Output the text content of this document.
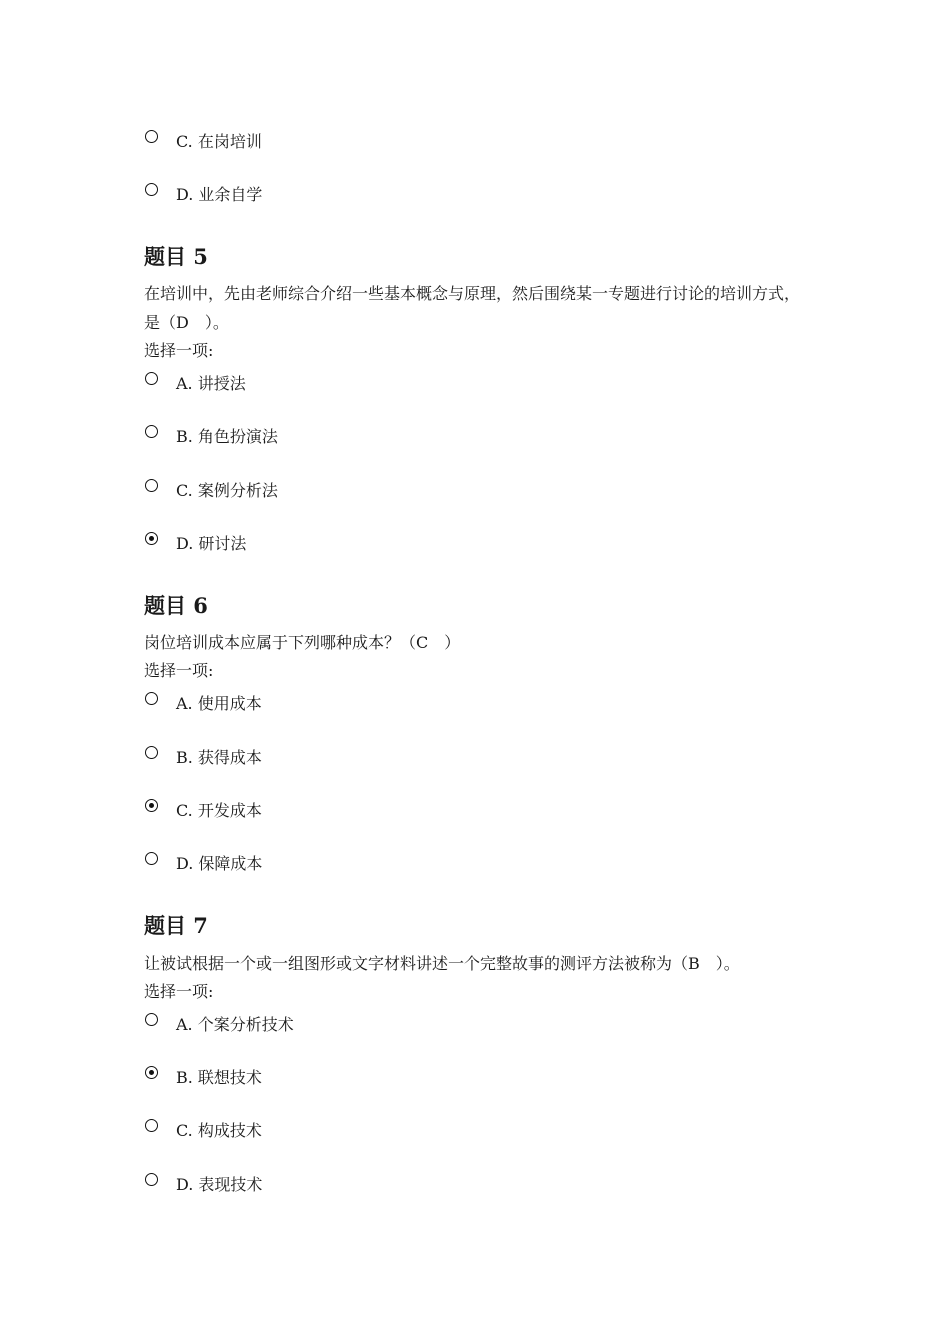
C. 在岗培训
D. 业余自学
题目 5
在培训中，先由老师综合介绍一些基本概念与原理，然后围绕某一专题进行讨论的培训方式，是（D　）。
选择一项:
A. 讲授法
B. 角色扮演法
C. 案例分析法
D. 研讨法
题目 6
岗位培训成本应属于下列哪种成本？（C　）
选择一项:
A. 使用成本
B. 获得成本
C. 开发成本
D. 保障成本
题目 7
让被试根据一个或一组图形或文字材料讲述一个完整故事的测评方法被称为（B　）。
选择一项:
A. 个案分析技术
B. 联想技术
C. 构成技术
D. 表现技术
